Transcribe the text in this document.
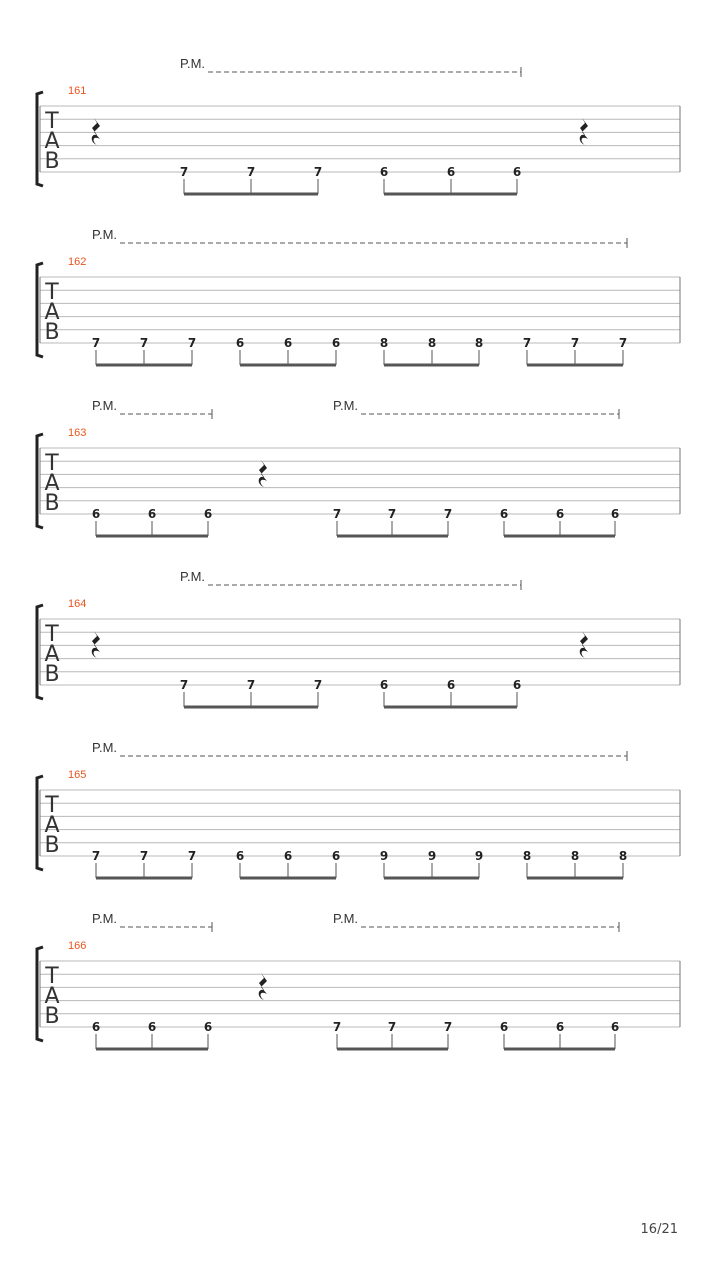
T
A
B
161
P.M.
7	7	7	6	6	6
T
A
B
162
P.M.
7	7	7	6	6	6	8	8	8	7	7	7
T
A
B
163
P.M.	P.M.
6	6	6	7	7	7	6	6	6
T
A
B
164
P.M.
7	7	7	6	6	6
T
A
B
165
P.M.
7	7	7	6	6	6	9	9	9	8	8	8
T
A
B
166
P.M.	P.M.
6	6	6	7	7	7	6	6	6
16/21
